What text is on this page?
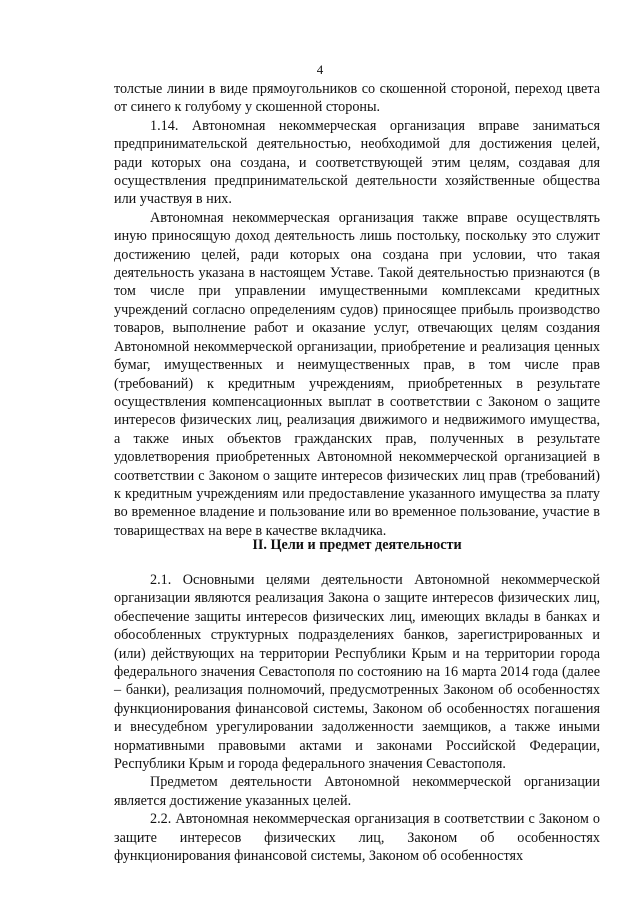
4

толстые линии в виде прямоугольников со скошенной стороной, переход цвета от синего к голубому у скошенной стороны.

1.14. Автономная некоммерческая организация вправе заниматься предпринимательской деятельностью, необходимой для достижения целей, ради которых она создана, и соответствующей этим целям, создавая для осуществления предпринимательской деятельности хозяйственные общества или участвуя в них.

Автономная некоммерческая организация также вправе осуществлять иную приносящую доход деятельность лишь постольку, поскольку это служит достижению целей, ради которых она создана при условии, что такая деятельность указана в настоящем Уставе. Такой деятельностью признаются (в том числе при управлении имущественными комплексами кредитных учреждений согласно определениям судов) приносящее прибыль производство товаров, выполнение работ и оказание услуг, отвечающих целям создания Автономной некоммерческой организации, приобретение и реализация ценных бумаг, имущественных и неимущественных прав, в том числе прав (требований) к кредитным учреждениям, приобретенных в результате осуществления компенсационных выплат в соответствии с Законом о защите интересов физических лиц, реализация движимого и недвижимого имущества, а также иных объектов гражданских прав, полученных в результате удовлетворения приобретенных Автономной некоммерческой организацией в соответствии с Законом о защите интересов физических лиц прав (требований) к кредитным учреждениям или предоставление указанного имущества за плату во временное владение и пользование или во временное пользование, участие в товариществах на вере в качестве вкладчика.

II. Цели и предмет деятельности

2.1. Основными целями деятельности Автономной некоммерческой организации являются реализация Закона о защите интересов физических лиц, обеспечение защиты интересов физических лиц, имеющих вклады в банках и обособленных структурных подразделениях банков, зарегистрированных и (или) действующих на территории Республики Крым и на территории города федерального значения Севастополя по состоянию на 16 марта 2014 года (далее – банки), реализация полномочий, предусмотренных Законом об особенностях функционирования финансовой системы, Законом об особенностях погашения и внесудебном урегулировании задолженности заемщиков, а также иными нормативными правовыми актами и законами Российской Федерации, Республики Крым и города федерального значения Севастополя.

Предметом деятельности Автономной некоммерческой организации является достижение указанных целей.

2.2. Автономная некоммерческая организация в соответствии с Законом о защите интересов физических лиц, Законом об особенностях функционирования финансовой системы, Законом об особенностях
